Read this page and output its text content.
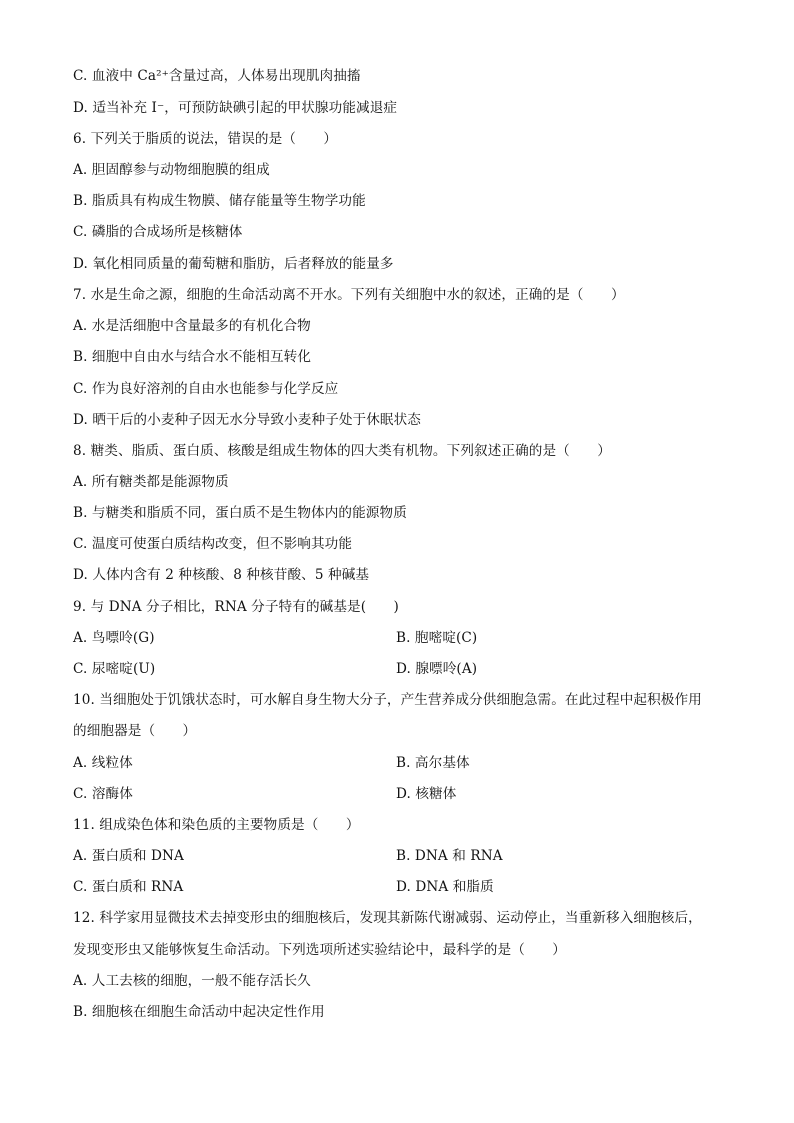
C. 血液中 Ca²⁺含量过高，人体易出现肌肉抽搐
D. 适当补充 I⁻，可预防缺碘引起的甲状腺功能减退症
6. 下列关于脂质的说法，错误的是（　　）
A. 胆固醇参与动物细胞膜的组成
B. 脂质具有构成生物膜、储存能量等生物学功能
C. 磷脂的合成场所是核糖体
D. 氧化相同质量的葡萄糖和脂肪，后者释放的能量多
7. 水是生命之源，细胞的生命活动离不开水。下列有关细胞中水的叙述，正确的是（　　）
A. 水是活细胞中含量最多的有机化合物
B. 细胞中自由水与结合水不能相互转化
C. 作为良好溶剂的自由水也能参与化学反应
D. 晒干后的小麦种子因无水分导致小麦种子处于休眠状态
8. 糖类、脂质、蛋白质、核酸是组成生物体的四大类有机物。下列叙述正确的是（　　）
A. 所有糖类都是能源物质
B. 与糖类和脂质不同，蛋白质不是生物体内的能源物质
C. 温度可使蛋白质结构改变，但不影响其功能
D. 人体内含有 2 种核酸、8 种核苷酸、5 种碱基
9. 与 DNA 分子相比，RNA 分子特有的碱基是(　　)
A. 鸟嘌呤(G)	B. 胞嘧啶(C)
C. 尿嘧啶(U)	D. 腺嘌呤(A)
10. 当细胞处于饥饿状态时，可水解自身生物大分子，产生营养成分供细胞急需。在此过程中起积极作用
的细胞器是（　　）
A. 线粒体	B. 高尔基体
C. 溶酶体	D. 核糖体
11. 组成染色体和染色质的主要物质是（　　）
A. 蛋白质和 DNA	B. DNA 和 RNA
C. 蛋白质和 RNA	D. DNA 和脂质
12. 科学家用显微技术去掉变形虫的细胞核后，发现其新陈代谢减弱、运动停止，当重新移入细胞核后，
发现变形虫又能够恢复生命活动。下列选项所述实验结论中，最科学的是（　　）
A. 人工去核的细胞，一般不能存活长久
B. 细胞核在细胞生命活动中起决定性作用
